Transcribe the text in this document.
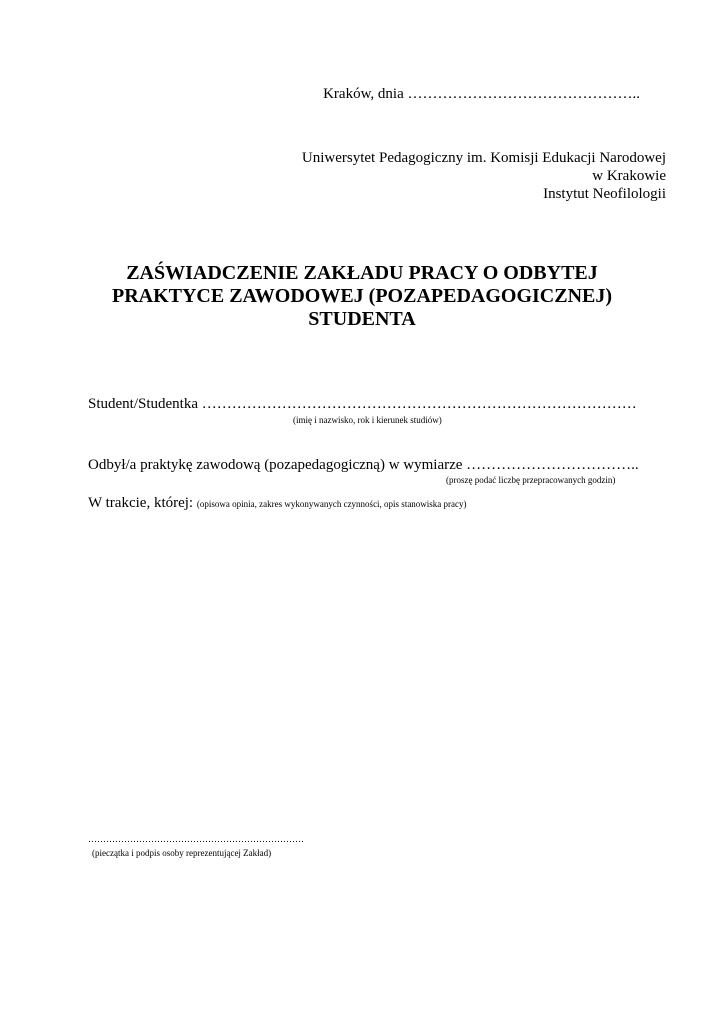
Kraków, dnia ………………………………………..
Uniwersytet Pedagogiczny im. Komisji Edukacji Narodowej
w Krakowie
Instytut Neofilologii
ZAŚWIADCZENIE ZAKŁADU PRACY O ODBYTEJ
PRAKTYCE ZAWODOWEJ (POZAPEDAGOGICZNEJ)
STUDENTA
Student/Studentka ……………………………………………………………………………
(imię i nazwisko, rok i kierunek studiów)
Odbył/a praktykę zawodową (pozapedagogiczną) w wymiarze ……………………………..
(proszę podać liczbę przepracowanych godzin)
W trakcie, której: (opisowa opinia, zakres wykonywanych czynności, opis stanowiska pracy)
………………………………………………………………
(pieczątka i podpis osoby reprezentującej Zakład)
